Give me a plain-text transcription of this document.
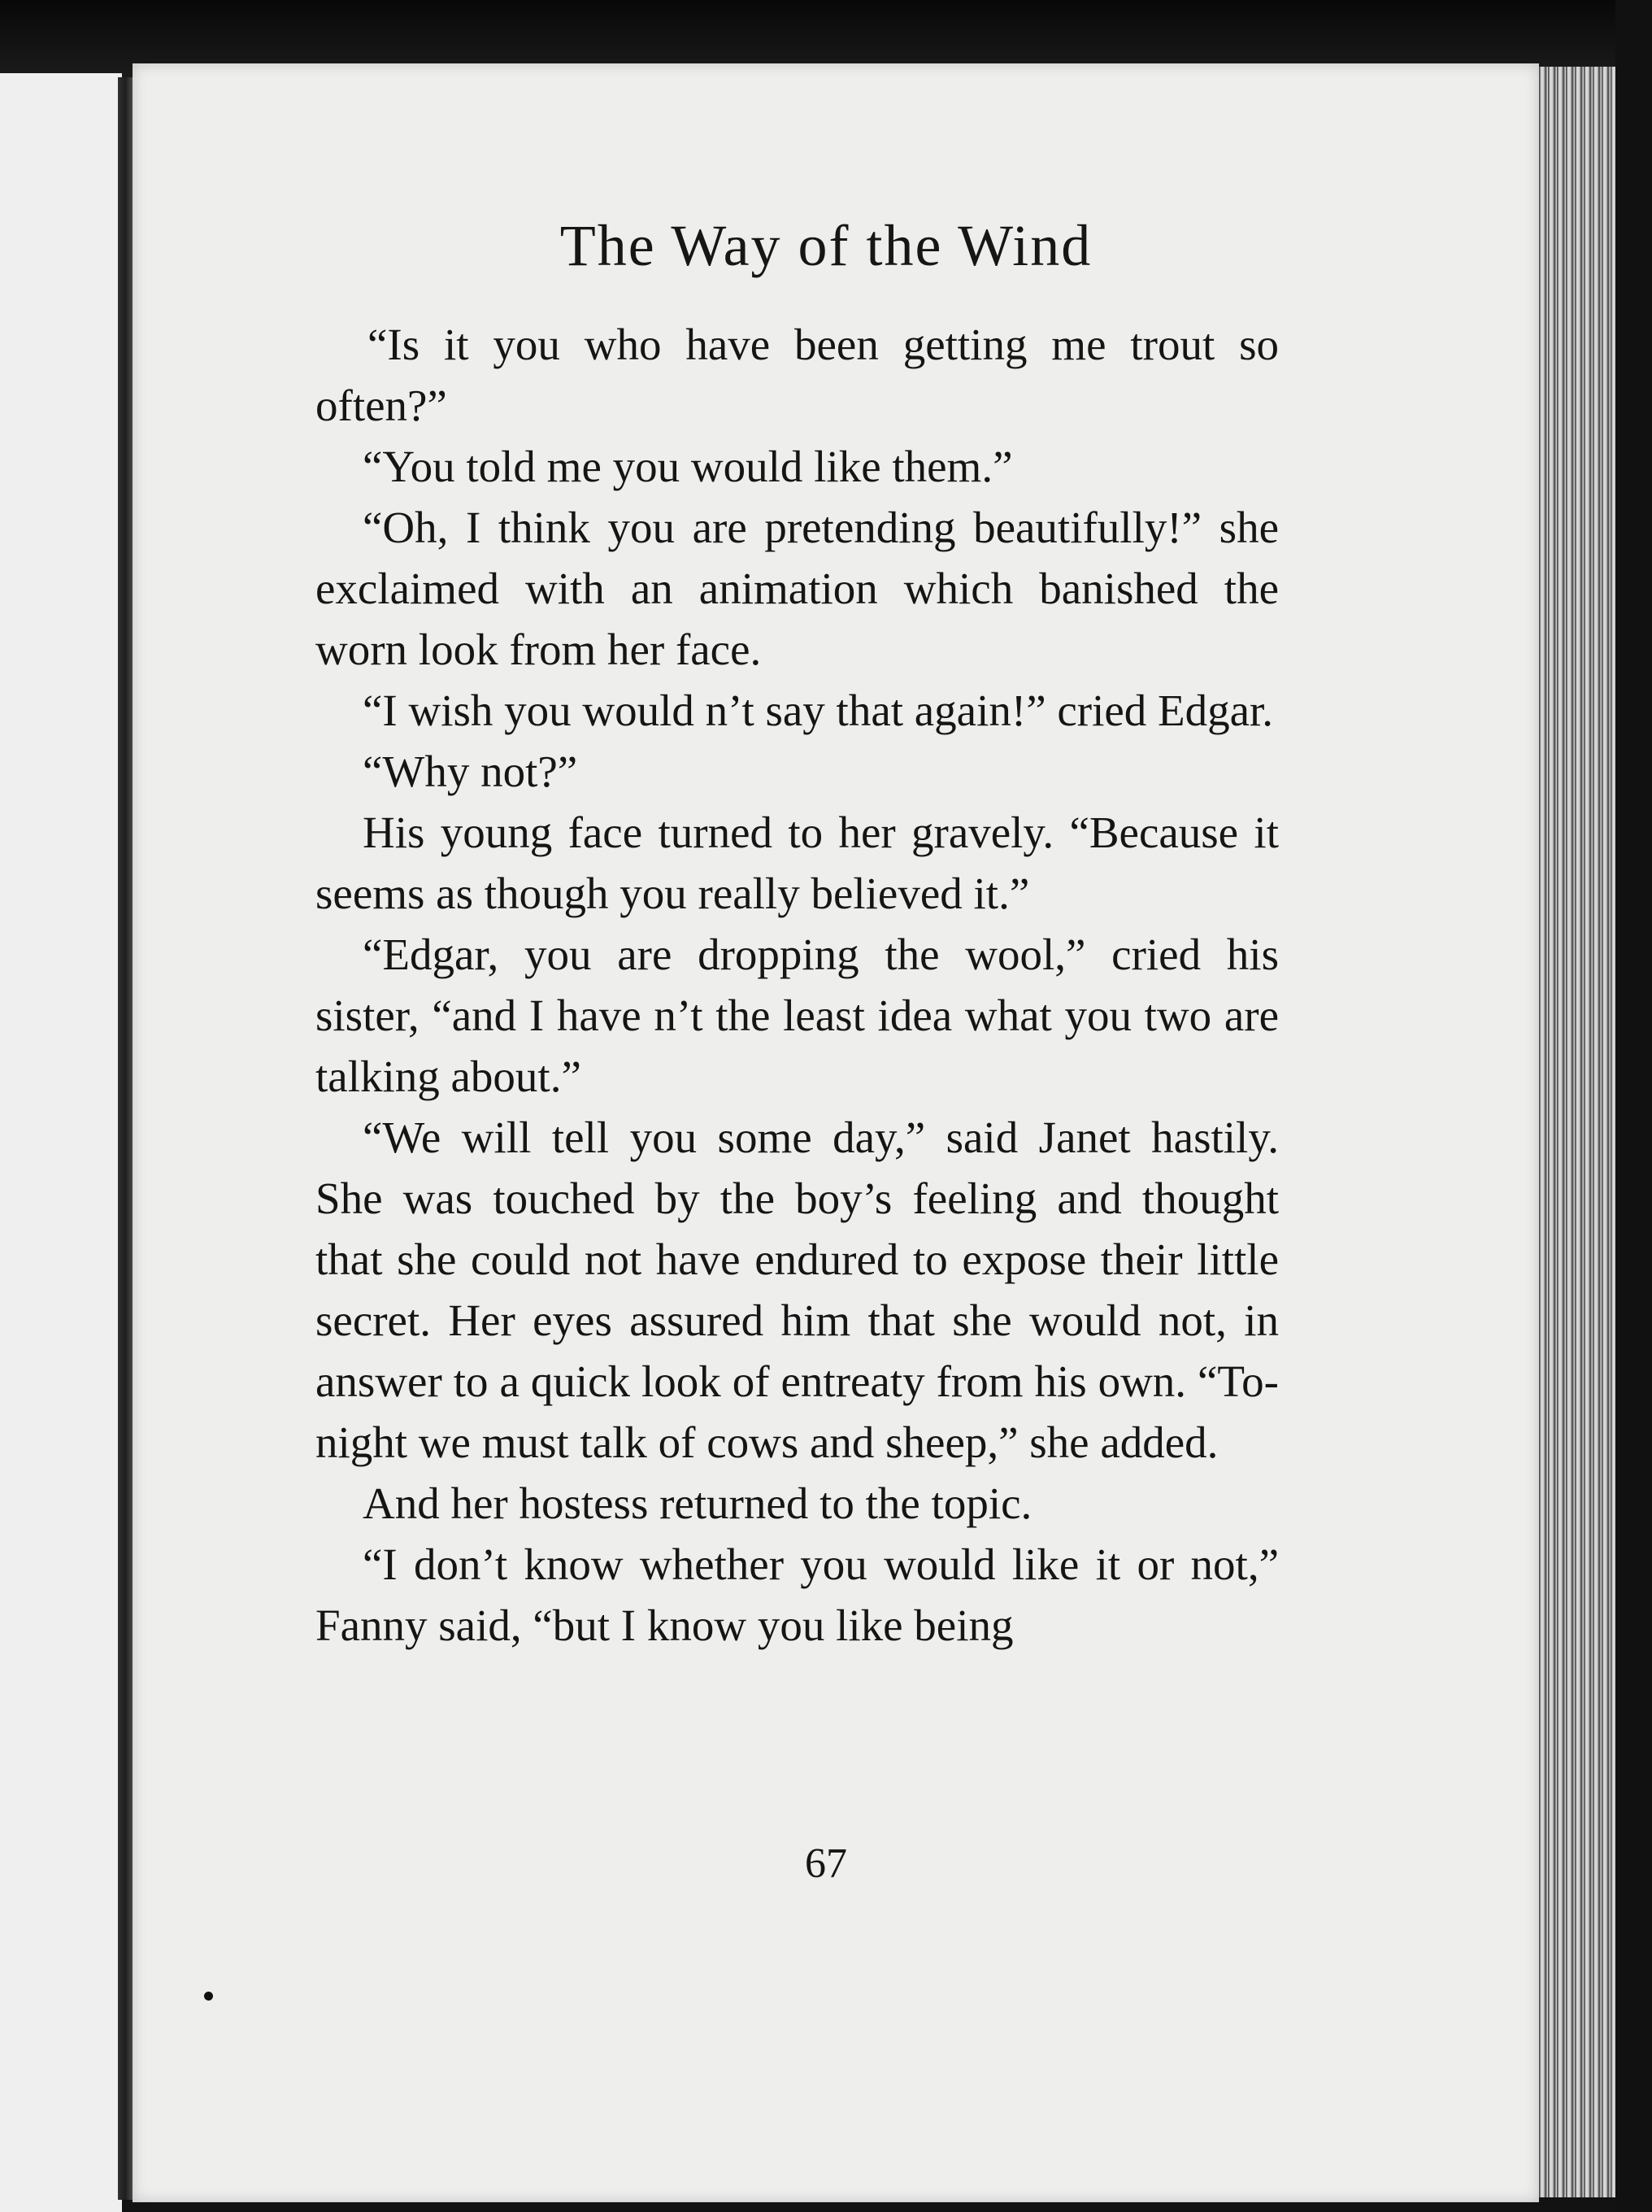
The Way of the Wind

“Is it you who have been getting me trout so often?”

“You told me you would like them.”

“Oh, I think you are pretending beautifully!” she exclaimed with an animation which banished the worn look from her face.

“I wish you would n’t say that again!” cried Edgar.

“Why not?”

His young face turned to her gravely. “Because it seems as though you really believed it.”

“Edgar, you are dropping the wool,” cried his sister, “and I have n’t the least idea what you two are talking about.”

“We will tell you some day,” said Janet hastily. She was touched by the boy’s feeling and thought that she could not have endured to expose their little secret. Her eyes assured him that she would not, in answer to a quick look of entreaty from his own. “To-night we must talk of cows and sheep,” she added.

And her hostess returned to the topic.

“I don’t know whether you would like it or not,” Fanny said, “but I know you like being

67
